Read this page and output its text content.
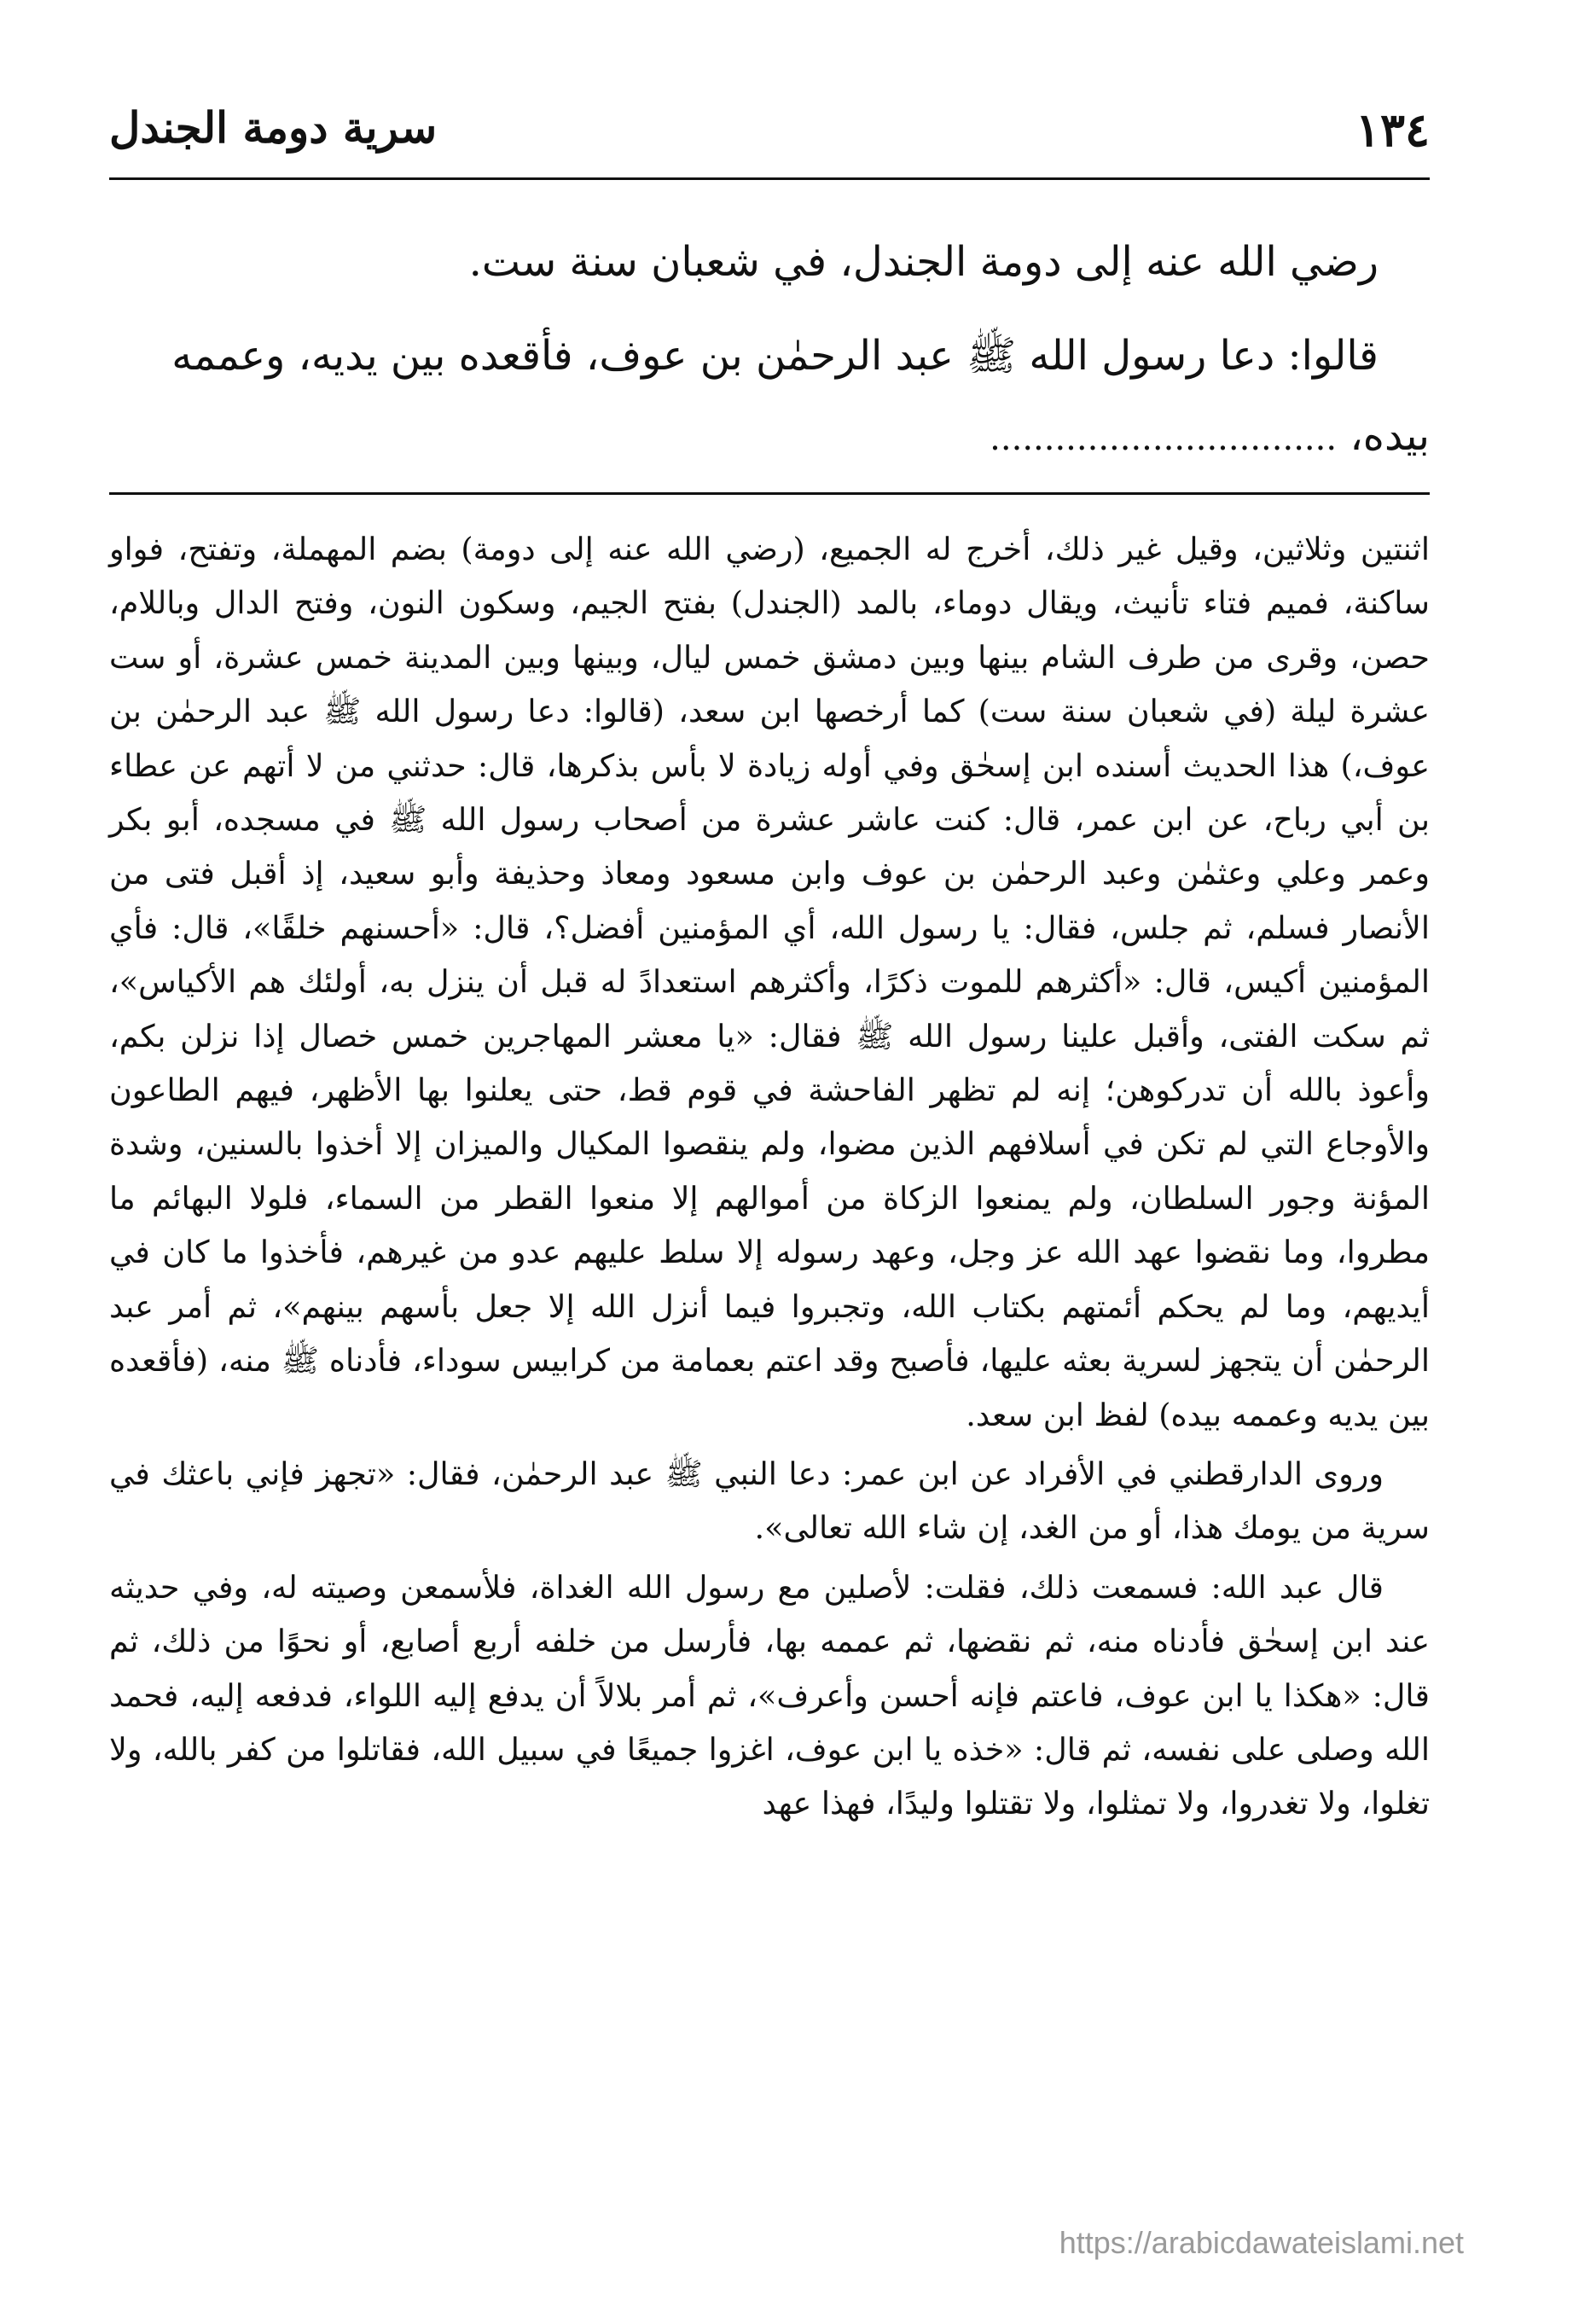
١٣٤
سرية دومة الجندل

رضي الله عنه إلى دومة الجندل، في شعبان سنة ست.

قالوا: دعا رسول الله ﷺ عبد الرحمٰن بن عوف، فأقعده بين يديه، وعممه

بيده، ................................

اثنتين وثلاثين، وقيل غير ذلك، أخرج له الجميع، (رضي الله عنه إلى دومة) بضم المهملة، وتفتح، فواو ساكنة، فميم فتاء تأنيث، ويقال دوماء، بالمد (الجندل) بفتح الجيم، وسكون النون، وفتح الدال وباللام، حصن، وقرى من طرف الشام بينها وبين دمشق خمس ليال، وبينها وبين المدينة خمس عشرة، أو ست عشرة ليلة (في شعبان سنة ست) كما أرخصها ابن سعد، (قالوا: دعا رسول الله ﷺ عبد الرحمٰن بن عوف،) هذا الحديث أسنده ابن إسحٰق وفي أوله زيادة لا بأس بذكرها، قال: حدثني من لا أتهم عن عطاء بن أبي رباح، عن ابن عمر، قال: كنت عاشر عشرة من أصحاب رسول الله ﷺ في مسجده، أبو بكر وعمر وعلي وعثمٰن وعبد الرحمٰن بن عوف وابن مسعود ومعاذ وحذيفة وأبو سعيد، إذ أقبل فتى من الأنصار فسلم، ثم جلس، فقال: يا رسول الله، أي المؤمنين أفضل؟، قال: «أحسنهم خلقًا»، قال: فأي المؤمنين أكيس، قال: «أكثرهم للموت ذكرًا، وأكثرهم استعدادً له قبل أن ينزل به، أولئك هم الأكياس»، ثم سكت الفتى، وأقبل علينا رسول الله ﷺ فقال: «يا معشر المهاجرين خمس خصال إذا نزلن بكم، وأعوذ بالله أن تدركوهن؛ إنه لم تظهر الفاحشة في قوم قط، حتى يعلنوا بها الأظهر، فيهم الطاعون والأوجاع التي لم تكن في أسلافهم الذين مضوا، ولم ينقصوا المكيال والميزان إلا أخذوا بالسنين، وشدة المؤنة وجور السلطان، ولم يمنعوا الزكاة من أموالهم إلا منعوا القطر من السماء، فلولا البهائم ما مطروا، وما نقضوا عهد الله عز وجل، وعهد رسوله إلا سلط عليهم عدو من غيرهم، فأخذوا ما كان في أيديهم، وما لم يحكم أئمتهم بكتاب الله، وتجبروا فيما أنزل الله إلا جعل بأسهم بينهم»، ثم أمر عبد الرحمٰن أن يتجهز لسرية بعثه عليها، فأصبح وقد اعتم بعمامة من كرابيس سوداء، فأدناه ﷺ منه، (فأقعده بين يديه وعممه بيده) لفظ ابن سعد.

وروى الدارقطني في الأفراد عن ابن عمر: دعا النبي ﷺ عبد الرحمٰن، فقال: «تجهز فإني باعثك في سرية من يومك هذا، أو من الغد، إن شاء الله تعالى».

قال عبد الله: فسمعت ذلك، فقلت: لأصلين مع رسول الله الغداة، فلأسمعن وصيته له، وفي حديثه عند ابن إسحٰق فأدناه منه، ثم نقضها، ثم عممه بها، فأرسل من خلفه أربع أصابع، أو نحوًا من ذلك، ثم قال: «هكذا يا ابن عوف، فاعتم فإنه أحسن وأعرف»، ثم أمر بلالاً أن يدفع إليه اللواء، فدفعه إليه، فحمد الله وصلى على نفسه، ثم قال: «خذه يا ابن عوف، اغزوا جميعًا في سبيل الله، فقاتلوا من كفر بالله، ولا تغلوا، ولا تغدروا، ولا تمثلوا، ولا تقتلوا وليدًا، فهذا عهد

https://arabicdawateislami.net
